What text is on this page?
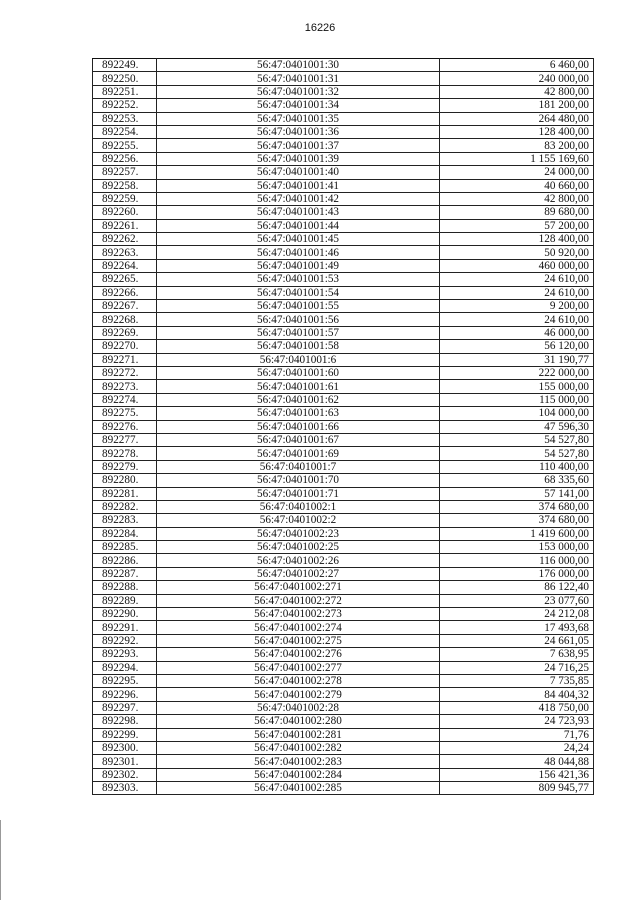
16226
892249.	56:47:0401001:30	6 460,00
892250.	56:47:0401001:31	240 000,00
892251.	56:47:0401001:32	42 800,00
892252.	56:47:0401001:34	181 200,00
892253.	56:47:0401001:35	264 480,00
892254.	56:47:0401001:36	128 400,00
892255.	56:47:0401001:37	83 200,00
892256.	56:47:0401001:39	1 155 169,60
892257.	56:47:0401001:40	24 000,00
892258.	56:47:0401001:41	40 660,00
892259.	56:47:0401001:42	42 800,00
892260.	56:47:0401001:43	89 680,00
892261.	56:47:0401001:44	57 200,00
892262.	56:47:0401001:45	128 400,00
892263.	56:47:0401001:46	50 920,00
892264.	56:47:0401001:49	460 000,00
892265.	56:47:0401001:53	24 610,00
892266.	56:47:0401001:54	24 610,00
892267.	56:47:0401001:55	9 200,00
892268.	56:47:0401001:56	24 610,00
892269.	56:47:0401001:57	46 000,00
892270.	56:47:0401001:58	56 120,00
892271.	56:47:0401001:6	31 190,77
892272.	56:47:0401001:60	222 000,00
892273.	56:47:0401001:61	155 000,00
892274.	56:47:0401001:62	115 000,00
892275.	56:47:0401001:63	104 000,00
892276.	56:47:0401001:66	47 596,30
892277.	56:47:0401001:67	54 527,80
892278.	56:47:0401001:69	54 527,80
892279.	56:47:0401001:7	110 400,00
892280.	56:47:0401001:70	68 335,60
892281.	56:47:0401001:71	57 141,00
892282.	56:47:0401002:1	374 680,00
892283.	56:47:0401002:2	374 680,00
892284.	56:47:0401002:23	1 419 600,00
892285.	56:47:0401002:25	153 000,00
892286.	56:47:0401002:26	116 000,00
892287.	56:47:0401002:27	176 000,00
892288.	56:47:0401002:271	86 122,40
892289.	56:47:0401002:272	23 077,60
892290.	56:47:0401002:273	24 212,08
892291.	56:47:0401002:274	17 493,68
892292.	56:47:0401002:275	24 661,05
892293.	56:47:0401002:276	7 638,95
892294.	56:47:0401002:277	24 716,25
892295.	56:47:0401002:278	7 735,85
892296.	56:47:0401002:279	84 404,32
892297.	56:47:0401002:28	418 750,00
892298.	56:47:0401002:280	24 723,93
892299.	56:47:0401002:281	71,76
892300.	56:47:0401002:282	24,24
892301.	56:47:0401002:283	48 044,88
892302.	56:47:0401002:284	156 421,36
892303.	56:47:0401002:285	809 945,77
